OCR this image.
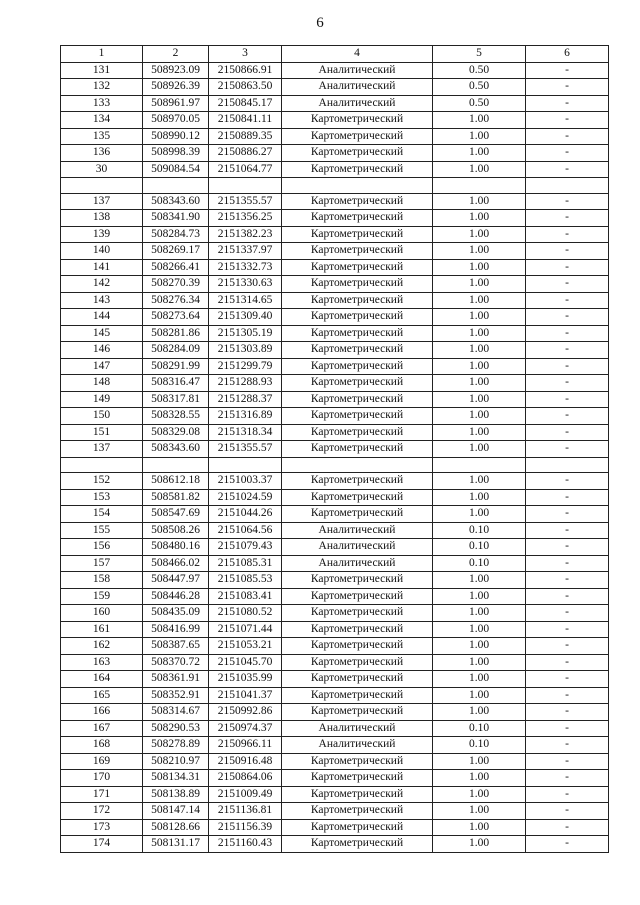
6
1	2	3	4	5	6
131	508923.09	2150866.91	Аналитический	0.50	-
132	508926.39	2150863.50	Аналитический	0.50	-
133	508961.97	2150845.17	Аналитический	0.50	-
134	508970.05	2150841.11	Картометрический	1.00	-
135	508990.12	2150889.35	Картометрический	1.00	-
136	508998.39	2150886.27	Картометрический	1.00	-
30	509084.54	2151064.77	Картометрический	1.00	-

137	508343.60	2151355.57	Картометрический	1.00	-
138	508341.90	2151356.25	Картометрический	1.00	-
139	508284.73	2151382.23	Картометрический	1.00	-
140	508269.17	2151337.97	Картометрический	1.00	-
141	508266.41	2151332.73	Картометрический	1.00	-
142	508270.39	2151330.63	Картометрический	1.00	-
143	508276.34	2151314.65	Картометрический	1.00	-
144	508273.64	2151309.40	Картометрический	1.00	-
145	508281.86	2151305.19	Картометрический	1.00	-
146	508284.09	2151303.89	Картометрический	1.00	-
147	508291.99	2151299.79	Картометрический	1.00	-
148	508316.47	2151288.93	Картометрический	1.00	-
149	508317.81	2151288.37	Картометрический	1.00	-
150	508328.55	2151316.89	Картометрический	1.00	-
151	508329.08	2151318.34	Картометрический	1.00	-
137	508343.60	2151355.57	Картометрический	1.00	-

152	508612.18	2151003.37	Картометрический	1.00	-
153	508581.82	2151024.59	Картометрический	1.00	-
154	508547.69	2151044.26	Картометрический	1.00	-
155	508508.26	2151064.56	Аналитический	0.10	-
156	508480.16	2151079.43	Аналитический	0.10	-
157	508466.02	2151085.31	Аналитический	0.10	-
158	508447.97	2151085.53	Картометрический	1.00	-
159	508446.28	2151083.41	Картометрический	1.00	-
160	508435.09	2151080.52	Картометрический	1.00	-
161	508416.99	2151071.44	Картометрический	1.00	-
162	508387.65	2151053.21	Картометрический	1.00	-
163	508370.72	2151045.70	Картометрический	1.00	-
164	508361.91	2151035.99	Картометрический	1.00	-
165	508352.91	2151041.37	Картометрический	1.00	-
166	508314.67	2150992.86	Картометрический	1.00	-
167	508290.53	2150974.37	Аналитический	0.10	-
168	508278.89	2150966.11	Аналитический	0.10	-
169	508210.97	2150916.48	Картометрический	1.00	-
170	508134.31	2150864.06	Картометрический	1.00	-
171	508138.89	2151009.49	Картометрический	1.00	-
172	508147.14	2151136.81	Картометрический	1.00	-
173	508128.66	2151156.39	Картометрический	1.00	-
174	508131.17	2151160.43	Картометрический	1.00	-
